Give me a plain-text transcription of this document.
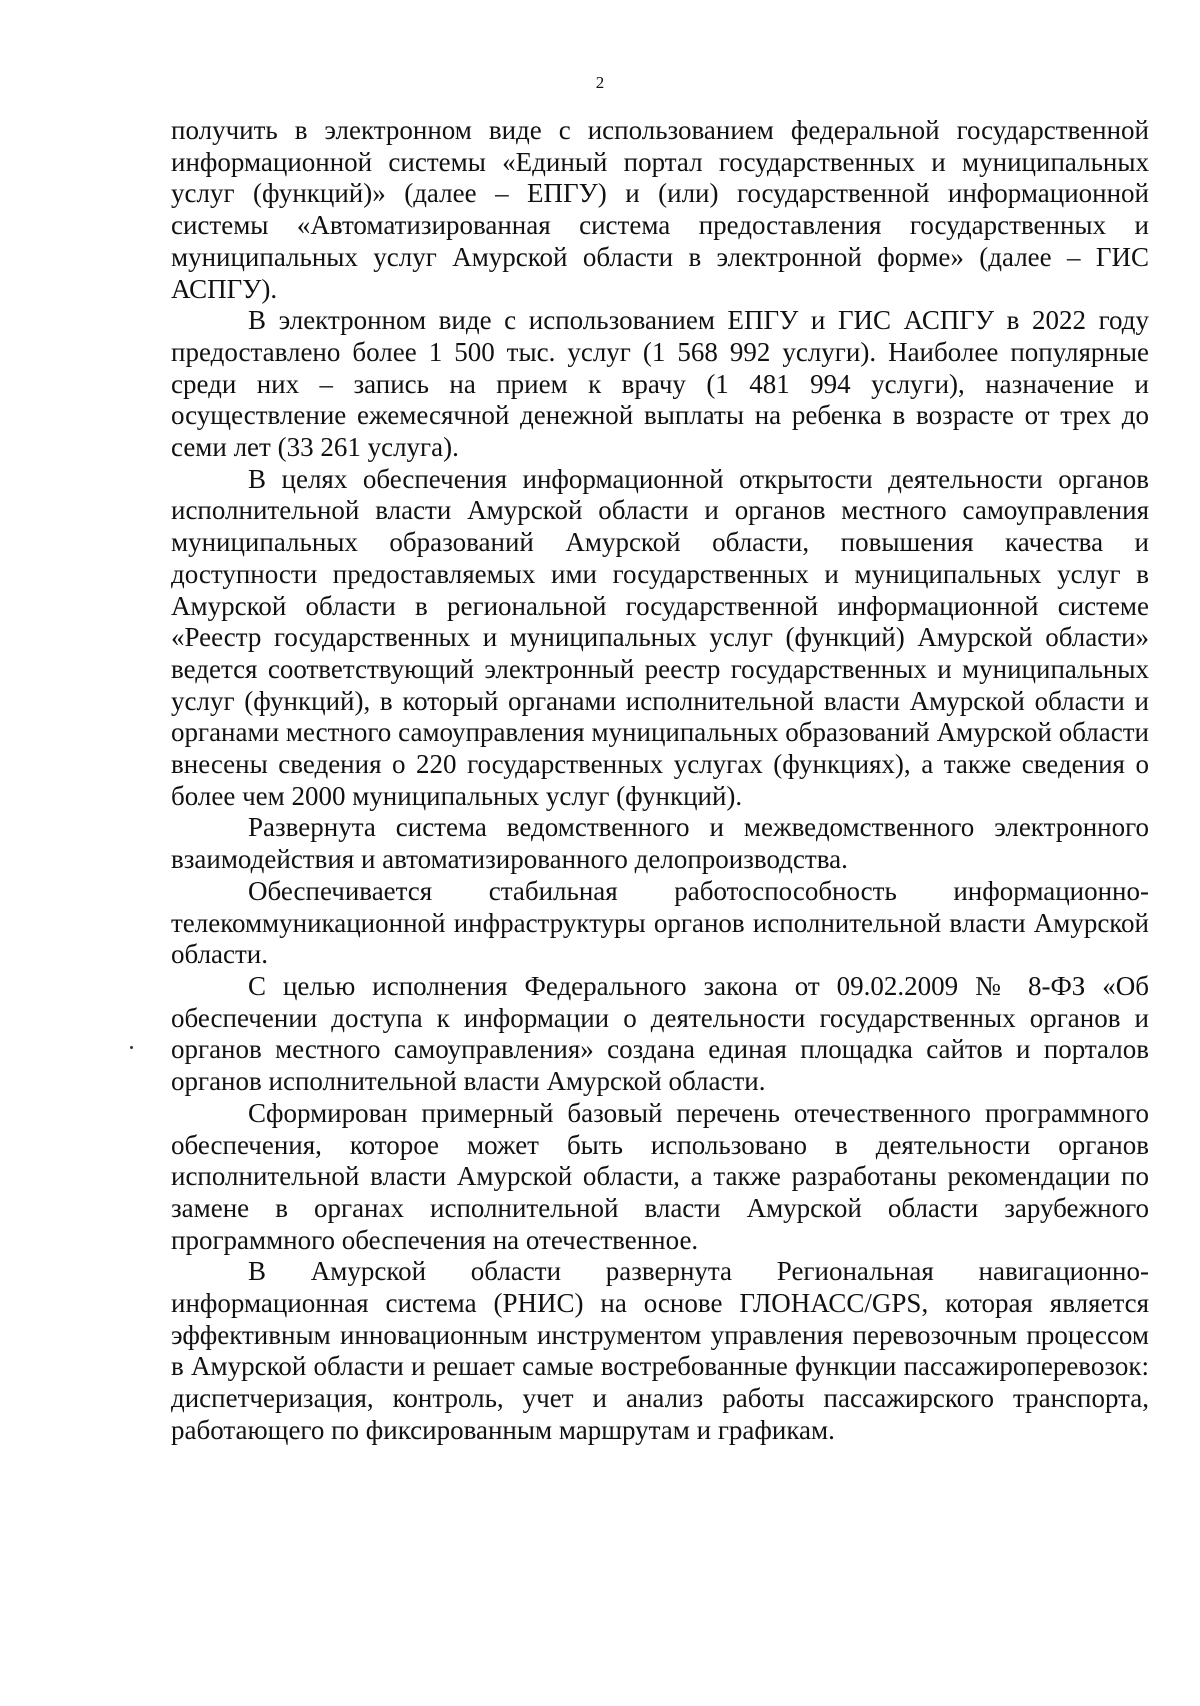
2

получить в электронном виде с использованием федеральной государственной информационной системы «Единый портал государственных и муниципальных услуг (функций)» (далее – ЕПГУ) и (или) государственной информационной системы «Автоматизированная система предоставления государственных и муниципальных услуг Амурской области в электронной форме» (далее – ГИС АСПГУ).

В электронном виде с использованием ЕПГУ и ГИС АСПГУ в 2022 году предоставлено более 1 500 тыс. услуг (1 568 992 услуги). Наиболее популярные среди них – запись на прием к врачу (1 481 994 услуги), назначение и осуществление ежемесячной денежной выплаты на ребенка в возрасте от трех до семи лет (33 261 услуга).

В целях обеспечения информационной открытости деятельности органов исполнительной власти Амурской области и органов местного самоуправления муниципальных образований Амурской области, повышения качества и доступности предоставляемых ими государственных и муниципальных услуг в Амурской области в региональной государственной информационной системе «Реестр государственных и муниципальных услуг (функций) Амурской области» ведется соответствующий электронный реестр государственных и муниципальных услуг (функций), в который органами исполнительной власти Амурской области и органами местного самоуправления муниципальных образований Амурской области внесены сведения о 220 государственных услугах (функциях), а также сведения о более чем 2000 муниципальных услуг (функций).

Развернута система ведомственного и межведомственного электронного взаимодействия и автоматизированного делопроизводства.

Обеспечивается стабильная работоспособность информационно-телекоммуникационной инфраструктуры органов исполнительной власти Амурской области.

С целью исполнения Федерального закона от 09.02.2009 № 8-ФЗ «Об обеспечении доступа к информации о деятельности государственных органов и органов местного самоуправления» создана единая площадка сайтов и порталов органов исполнительной власти Амурской области.

Сформирован примерный базовый перечень отечественного программного обеспечения, которое может быть использовано в деятельности органов исполнительной власти Амурской области, а также разработаны рекомендации по замене в органах исполнительной власти Амурской области зарубежного программного обеспечения на отечественное.

В Амурской области развернута Региональная навигационно-информационная система (РНИС) на основе ГЛОНАСС/GPS, которая является эффективным инновационным инструментом управления перевозочным процессом в Амурской области и решает самые востребованные функции пассажироперевозок: диспетчеризация, контроль, учет и анализ работы пассажирского транспорта, работающего по фиксированным маршрутам и графикам.
